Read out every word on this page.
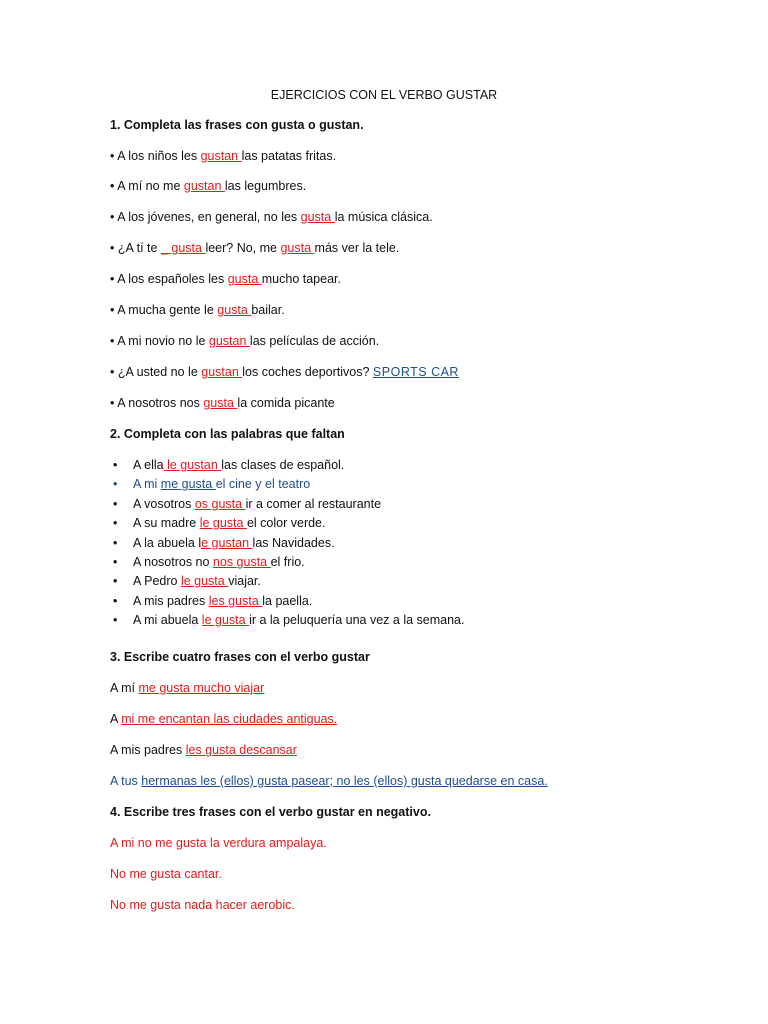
EJERCICIOS CON EL VERBO GUSTAR
1. Completa las frases con gusta o gustan.
• A los niños les gustan las patatas fritas.
• A mí no me gustan las legumbres.
• A los jóvenes, en general, no les gusta la música clásica.
• ¿A tí te _ gusta leer? No, me gusta más ver la tele.
• A los españoles les gusta mucho tapear.
• A mucha gente le gusta bailar.
• A mi novio no le gustan las películas de acción.
• ¿A usted no le gustan los coches deportivos? SPORTS CAR
• A nosotros nos gusta la comida picante
2. Completa con las palabras que faltan
• A ella le gustan las clases de español.
• A mi me gusta el cine y el teatro
• A vosotros os gusta ir a comer al restaurante
• A su madre le gusta el color verde.
• A la abuela le gustan las Navidades.
• A nosotros no nos gusta el frio.
• A Pedro le gusta viajar.
• A mis padres les gusta la paella.
• A mi abuela le gusta ir a la peluquería una vez a la semana.
3. Escribe cuatro frases con el verbo gustar
A mí me gusta mucho viajar
A mi me encantan las ciudades antiguas.
A mis padres les gusta descansar
A tus hermanas les (ellos) gusta pasear; no les (ellos) gusta quedarse en casa.
4. Escribe tres frases con el verbo gustar en negativo.
A mi no me gusta la verdura ampalaya.
No me gusta cantar.
No me gusta nada hacer aerobic.
